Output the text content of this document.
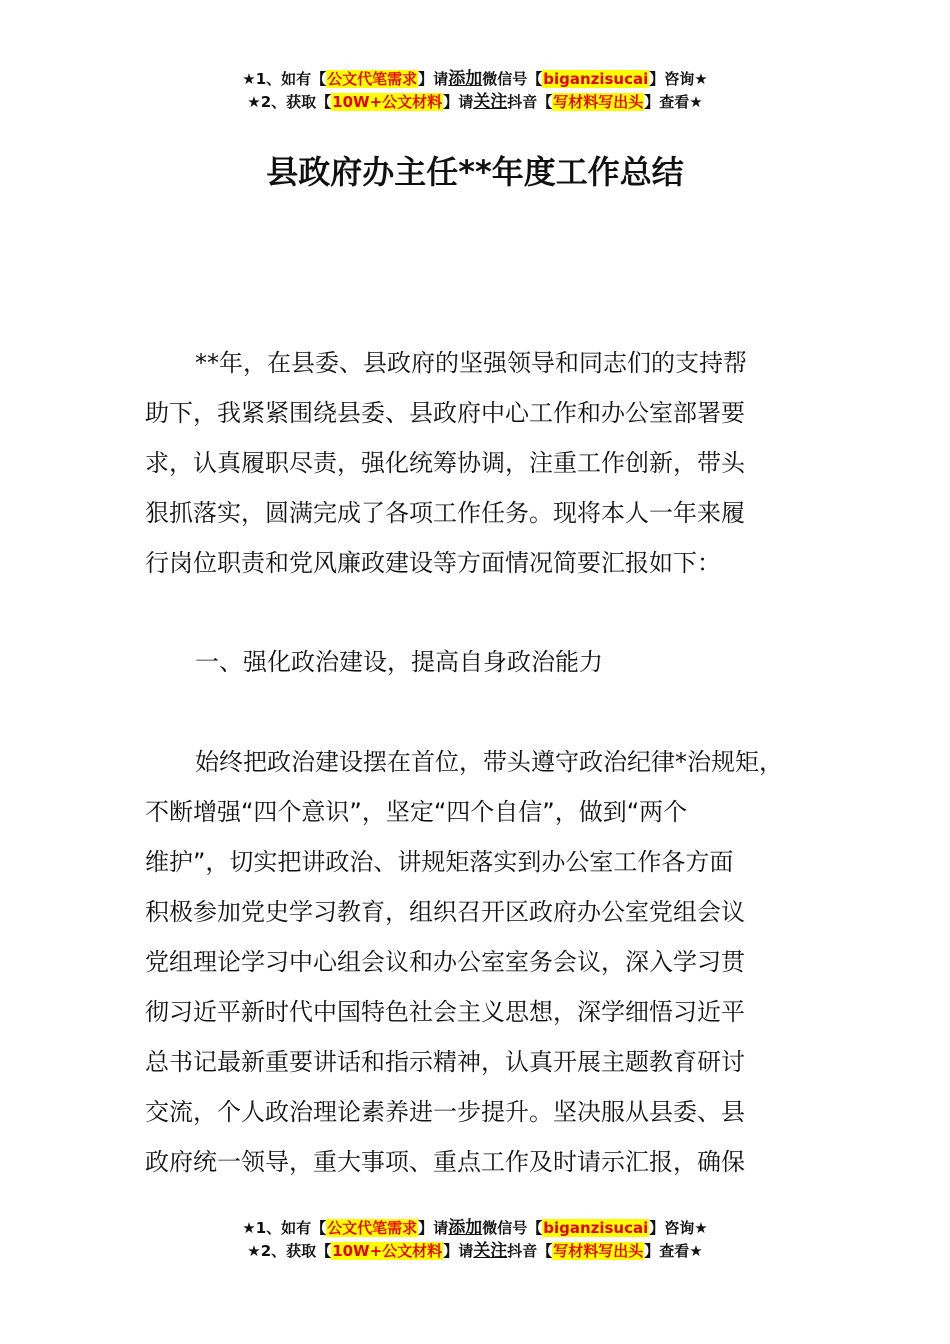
★1、如有【公文代笔需求】请添加微信号【biganzisucai】咨询★
★2、获取【10W+公文材料】请关注抖音【写材料写出头】查看★
县政府办主任**年度工作总结
**年，在县委、县政府的坚强领导和同志们的支持帮
助下，我紧紧围绕县委、县政府中心工作和办公室部署要
求，认真履职尽责，强化统筹协调，注重工作创新，带头
狠抓落实，圆满完成了各项工作任务。现将本人一年来履
行岗位职责和党风廉政建设等方面情况简要汇报如下：
一、强化政治建设，提高自身政治能力
始终把政治建设摆在首位，带头遵守政治纪律*治规矩，
不断增强“四个意识”，坚定“四个自信”，做到“两个
维护”，切实把讲政治、讲规矩落实到办公室工作各方面
积极参加党史学习教育，组织召开区政府办公室党组会议
党组理论学习中心组会议和办公室室务会议，深入学习贯
彻习近平新时代中国特色社会主义思想，深学细悟习近平
总书记最新重要讲话和指示精神，认真开展主题教育研讨
交流，个人政治理论素养进一步提升。坚决服从县委、县
政府统一领导，重大事项、重点工作及时请示汇报，确保
★1、如有【公文代笔需求】请添加微信号【biganzisucai】咨询★
★2、获取【10W+公文材料】请关注抖音【写材料写出头】查看★
